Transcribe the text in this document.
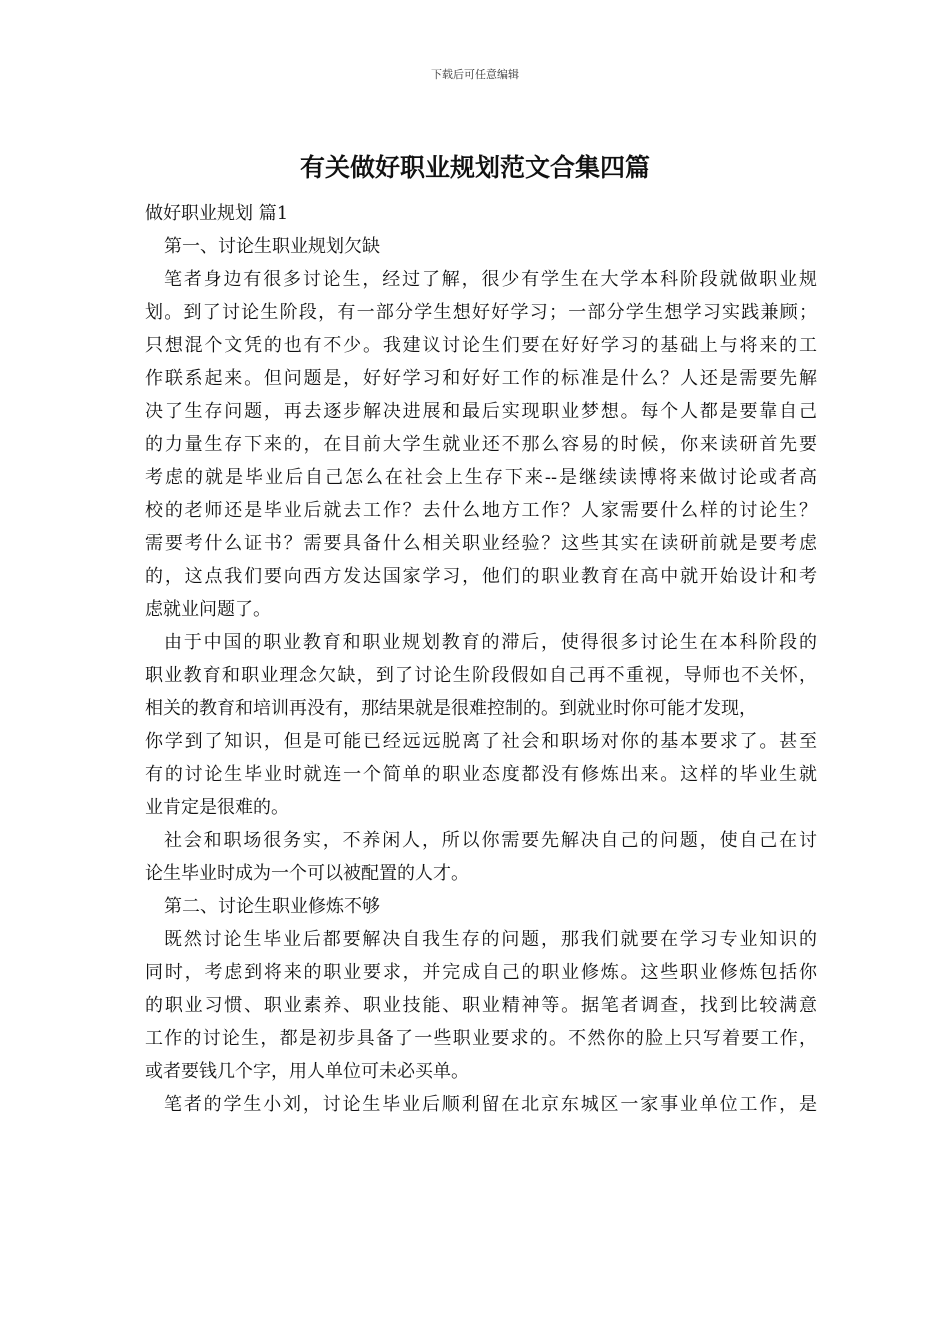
下载后可任意编辑
有关做好职业规划范文合集四篇
做好职业规划 篇1
第一、讨论生职业规划欠缺
笔者身边有很多讨论生，经过了解，很少有学生在大学本科阶段就做职业规
划。到了讨论生阶段，有一部分学生想好好学习；一部分学生想学习实践兼顾；
只想混个文凭的也有不少。我建议讨论生们要在好好学习的基础上与将来的工
作联系起来。但问题是，好好学习和好好工作的标准是什么？人还是需要先解
决了生存问题，再去逐步解决进展和最后实现职业梦想。每个人都是要靠自己
的力量生存下来的，在目前大学生就业还不那么容易的时候，你来读研首先要
考虑的就是毕业后自己怎么在社会上生存下来--是继续读博将来做讨论或者高
校的老师还是毕业后就去工作？去什么地方工作？人家需要什么样的讨论生？
需要考什么证书？需要具备什么相关职业经验？这些其实在读研前就是要考虑
的，这点我们要向西方发达国家学习，他们的职业教育在高中就开始设计和考
虑就业问题了。
由于中国的职业教育和职业规划教育的滞后，使得很多讨论生在本科阶段的
职业教育和职业理念欠缺，到了讨论生阶段假如自己再不重视，导师也不关怀，
相关的教育和培训再没有，那结果就是很难控制的。到就业时你可能才发现，
你学到了知识，但是可能已经远远脱离了社会和职场对你的基本要求了。甚至
有的讨论生毕业时就连一个简单的职业态度都没有修炼出来。这样的毕业生就
业肯定是很难的。
社会和职场很务实，不养闲人，所以你需要先解决自己的问题，使自己在讨
论生毕业时成为一个可以被配置的人才。
第二、讨论生职业修炼不够
既然讨论生毕业后都要解决自我生存的问题，那我们就要在学习专业知识的
同时，考虑到将来的职业要求，并完成自己的职业修炼。这些职业修炼包括你
的职业习惯、职业素养、职业技能、职业精神等。据笔者调查，找到比较满意
工作的讨论生，都是初步具备了一些职业要求的。不然你的脸上只写着要工作，
或者要钱几个字，用人单位可未必买单。
笔者的学生小刘，讨论生毕业后顺利留在北京东城区一家事业单位工作，是
